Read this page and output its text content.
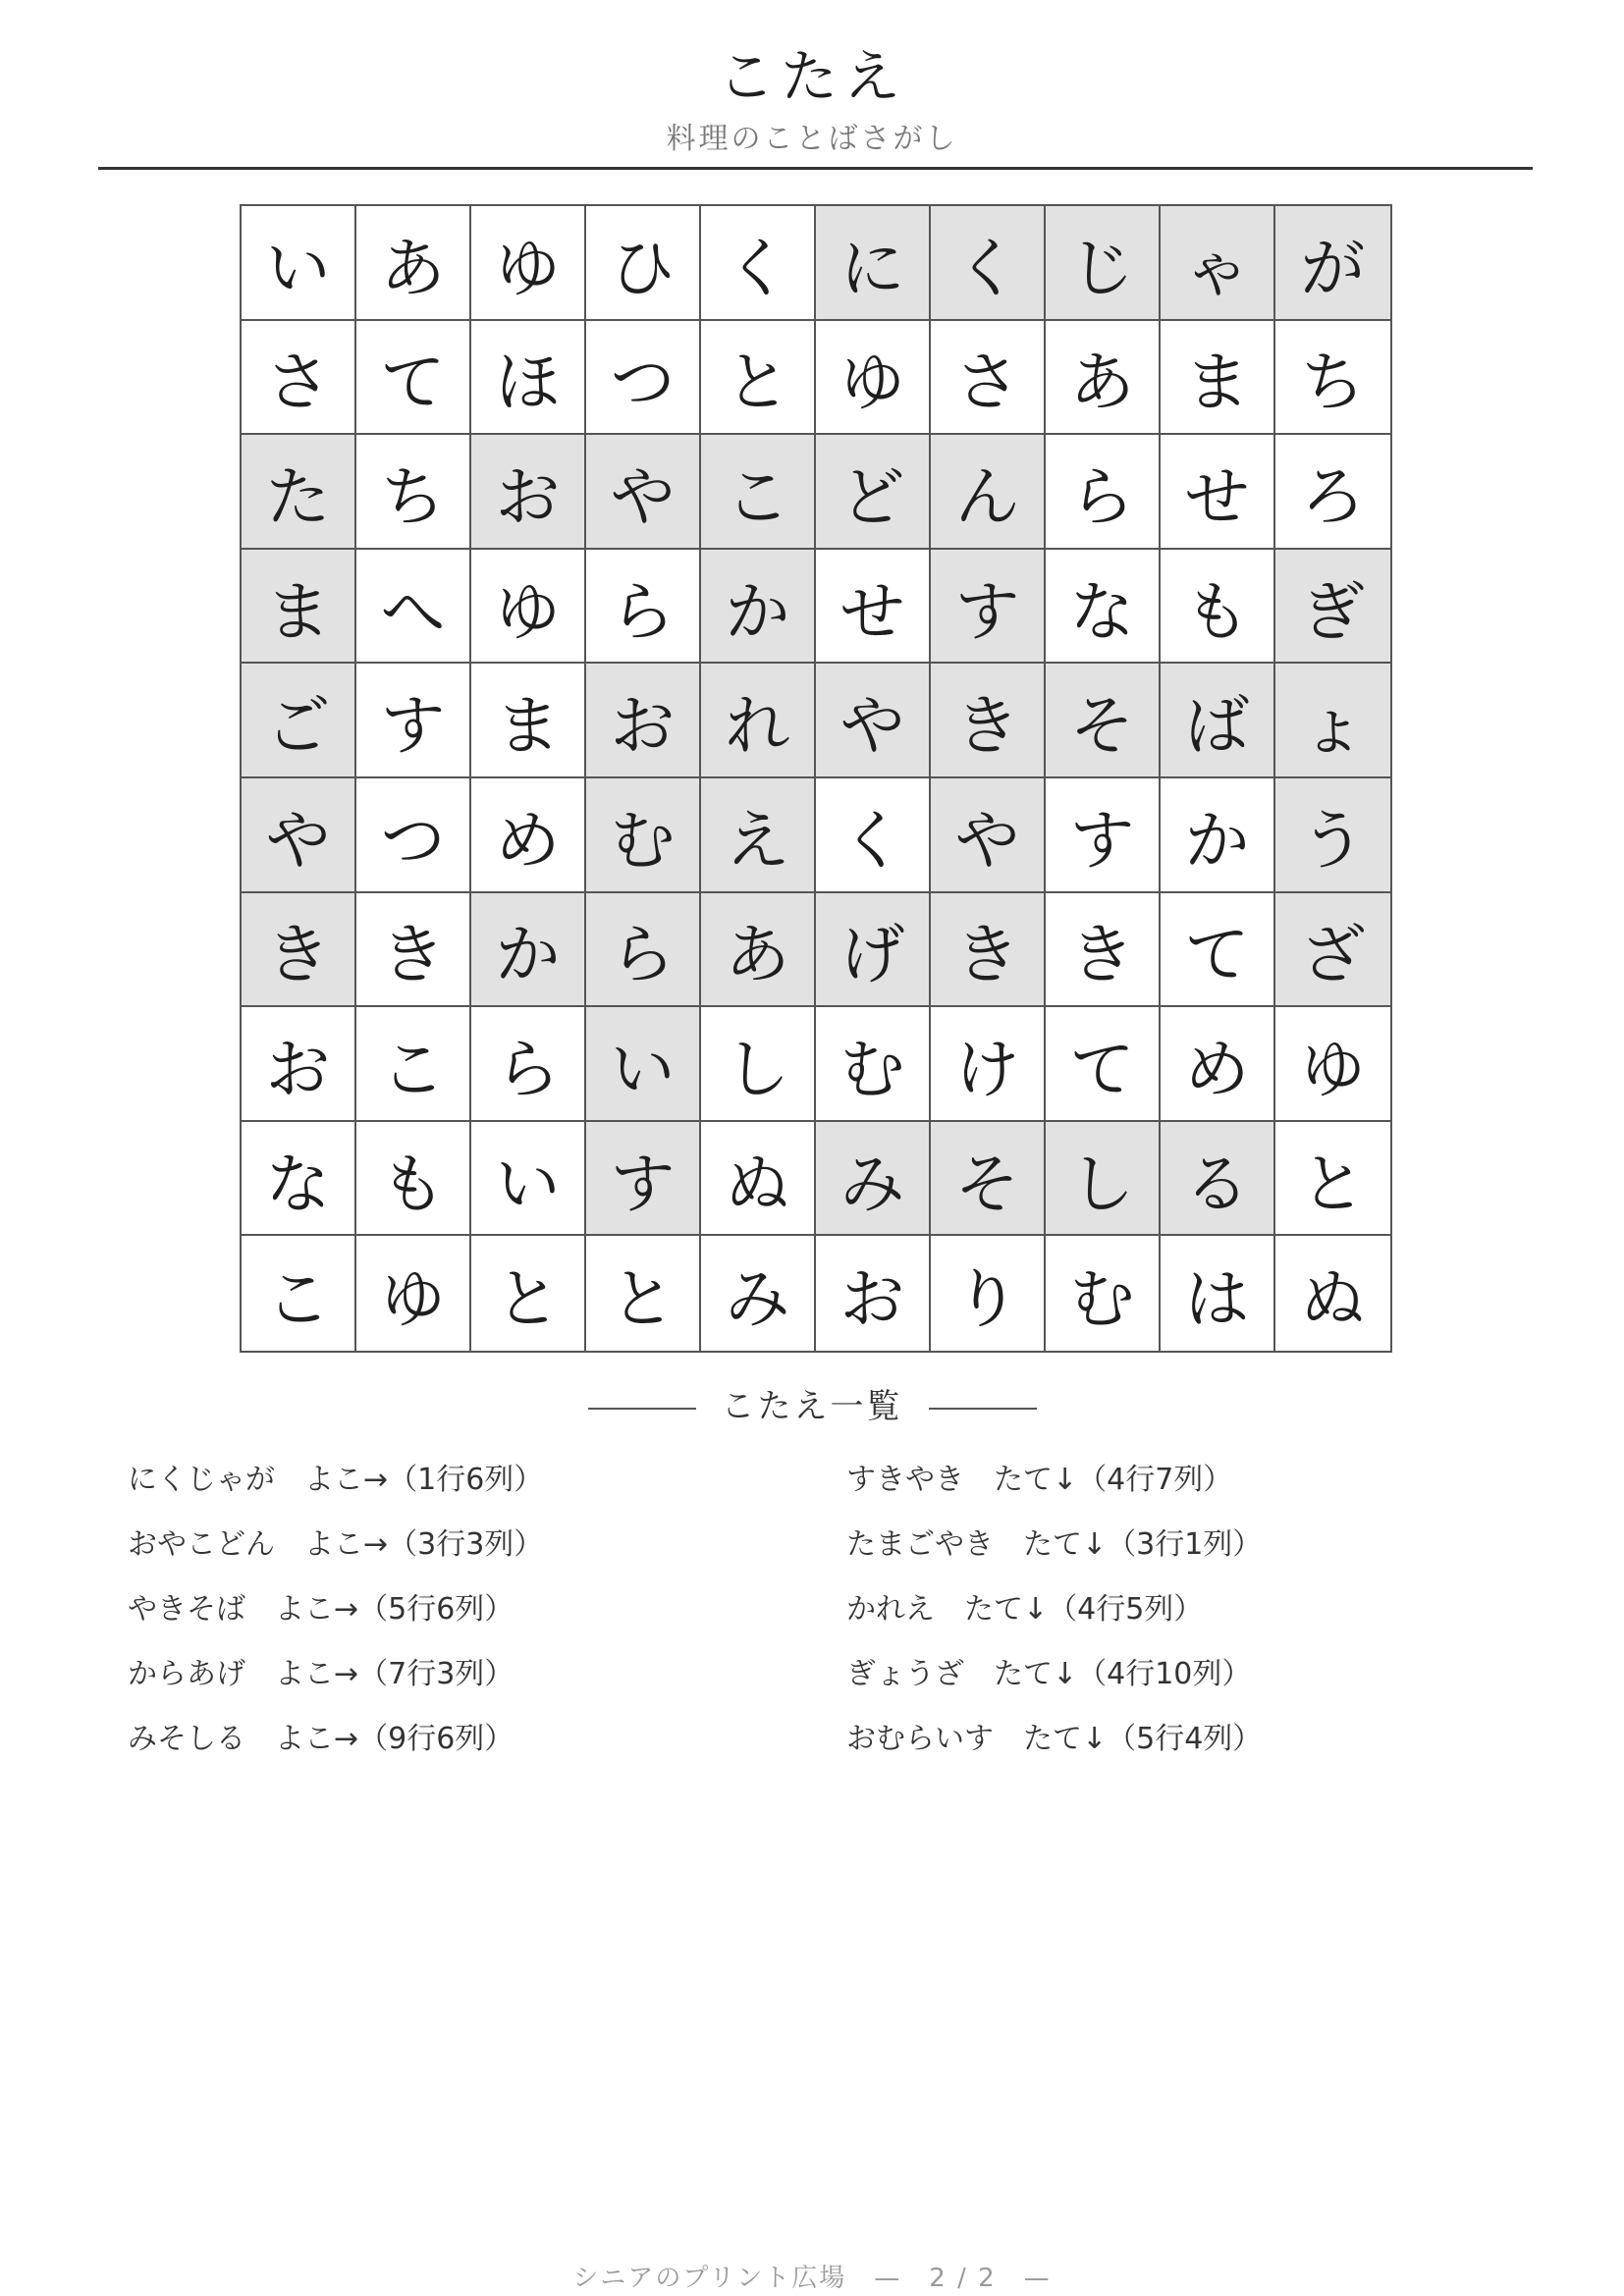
こたえ
料理のことばさがし
い あ ゆ ひ く に く じ ゃ が
さ て ほ つ と ゆ さ あ ま ち
た ち お や こ ど ん ら せ ろ
ま へ ゆ ら か せ す な も ぎ
ご す ま お れ や き そ ば ょ
や つ め む え く や す か う
き き か ら あ げ き き て ざ
お こ ら い し む け て め ゆ
な も い す ぬ み そ し る と
こ ゆ と と み お り む は ぬ
こたえ一覧
にくじゃが　よこ→（1行6列）
おやこどん　よこ→（3行3列）
やきそば　よこ→（5行6列）
からあげ　よこ→（7行3列）
みそしる　よこ→（9行6列）
すきやき　たて↓（4行7列）
たまごやき　たて↓（3行1列）
かれえ　たて↓（4行5列）
ぎょうざ　たて↓（4行10列）
おむらいす　たて↓（5行4列）
シニアのプリント広場　—　2 / 2　—
